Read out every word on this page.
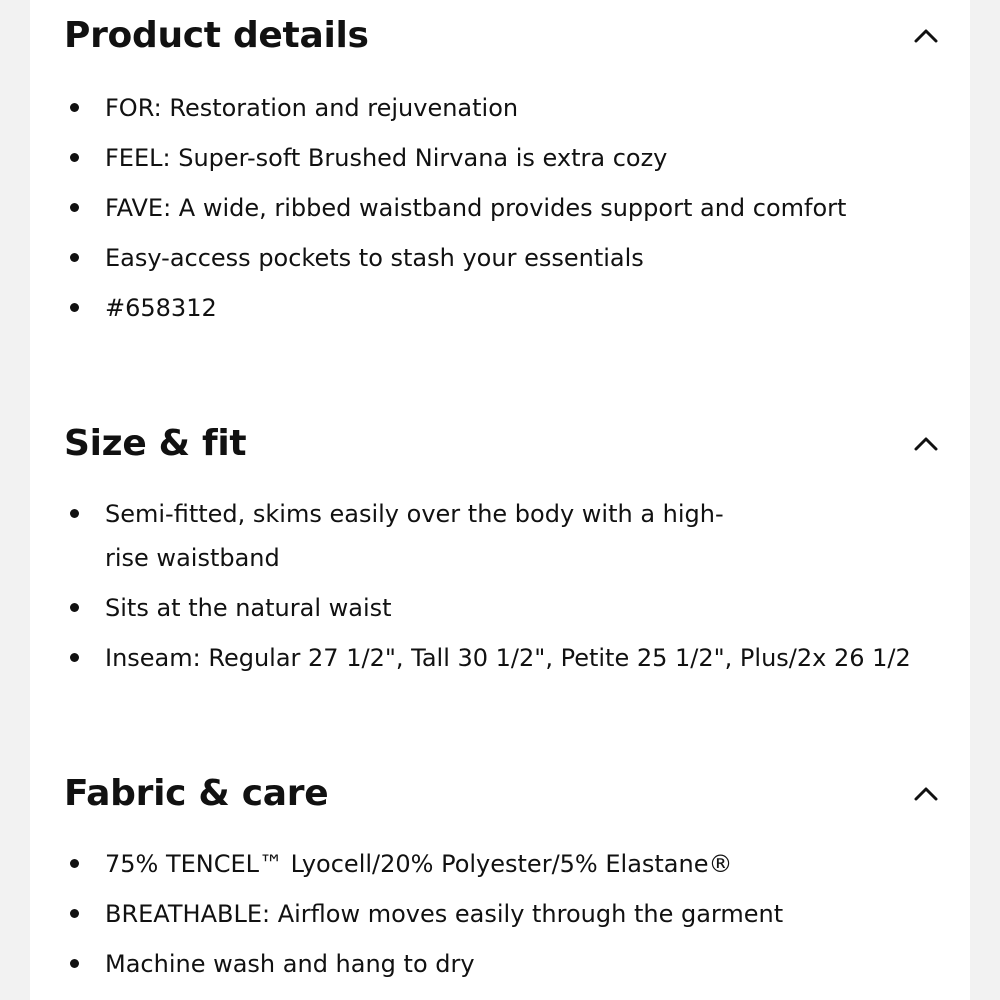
Product details
FOR: Restoration and rejuvenation
FEEL: Super-soft Brushed Nirvana is extra cozy
FAVE: A wide, ribbed waistband provides support and comfort
Easy-access pockets to stash your essentials
#658312
Size & fit
Semi-fitted, skims easily over the body with a high-rise waistband
Sits at the natural waist
Inseam: Regular 27 1/2", Tall 30 1/2", Petite 25 1/2", Plus/2x 26 1/2
Fabric & care
75% TENCEL™ Lyocell/20% Polyester/5% Elastane®
BREATHABLE: Airflow moves easily through the garment
Machine wash and hang to dry
